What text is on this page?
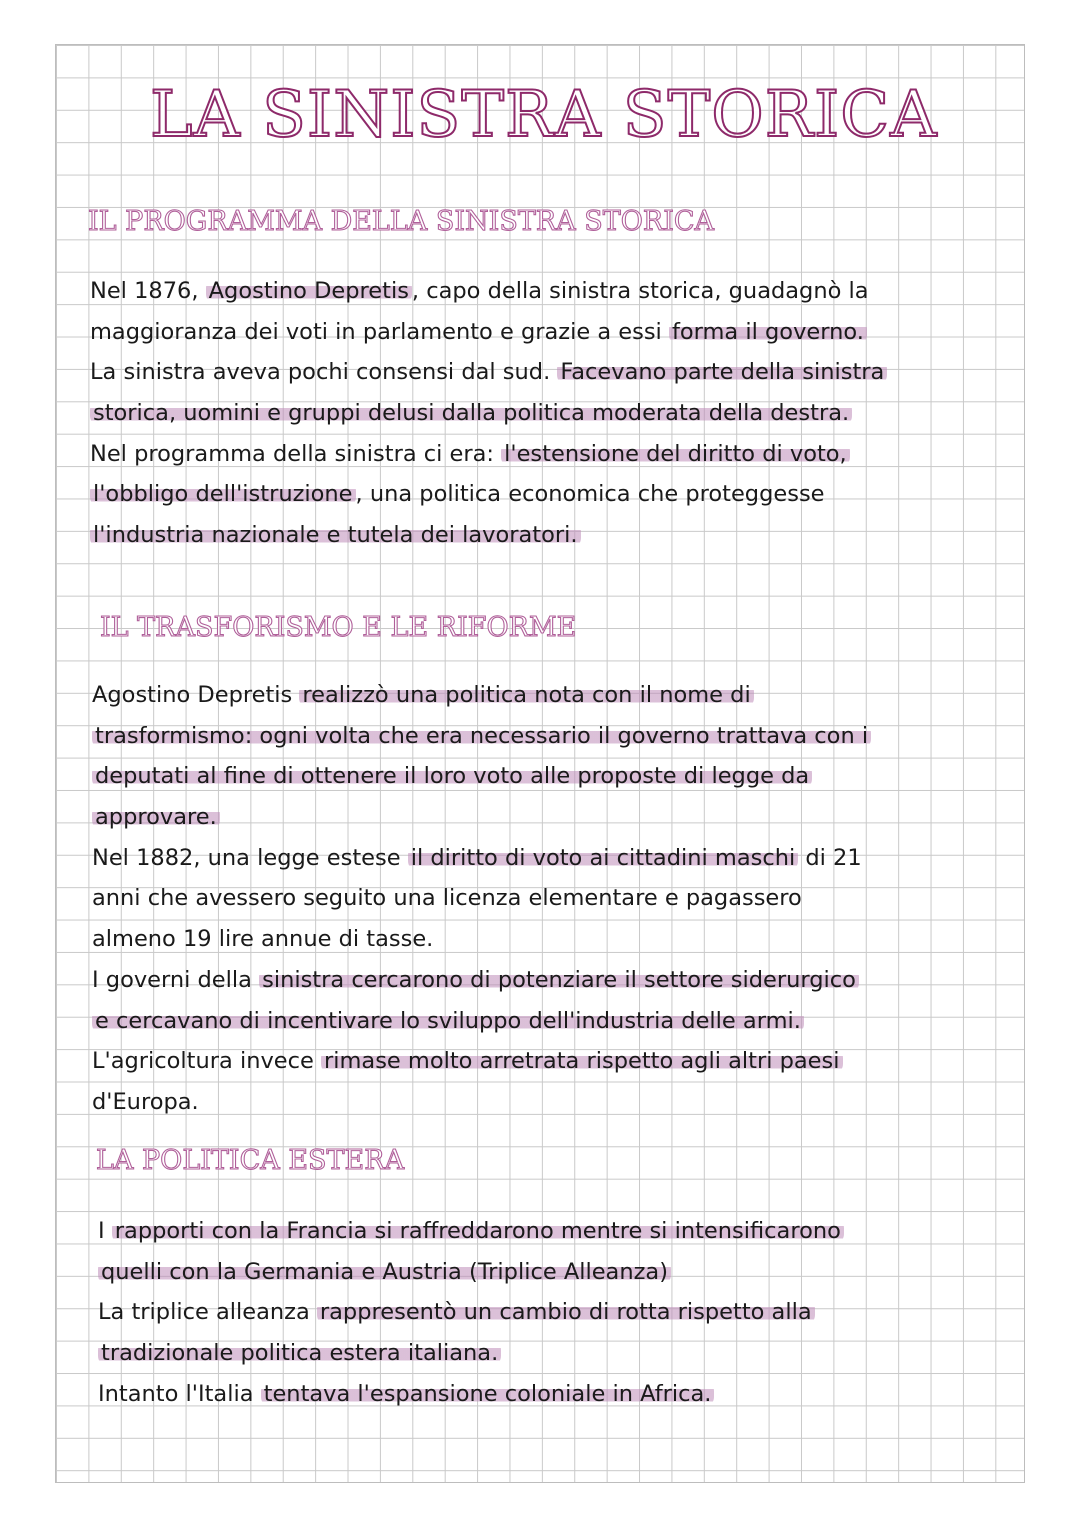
LA SINISTRA STORICA
IL PROGRAMMA DELLA SINISTRA STORICA
Nel 1876, Agostino Depretis , capo della sinistra storica, guadagnò la
maggioranza dei voti in parlamento e grazie a essi forma il governo.
La sinistra aveva pochi consensi dal sud. Facevano parte della sinistra
storica, uomini e gruppi delusi dalla politica moderata della destra.
Nel programma della sinistra ci era: l'estensione del diritto di voto,
l'obbligo dell'istruzione , una politica economica che proteggesse
l'industria nazionale e tutela dei lavoratori.
IL TRASFORISMO E LE RIFORME
Agostino Depretis realizzò una politica nota con il nome di
trasformismo: ogni volta che era necessario il governo trattava con i
deputati al fine di ottenere il loro voto alle proposte di legge da
approvare.
Nel 1882, una legge estese il diritto di voto ai cittadini maschi di 21
anni che avessero seguito una licenza elementare e pagassero
almeno 19 lire annue di tasse.
I governi della sinistra cercarono di potenziare il settore siderurgico
e cercavano di incentivare lo sviluppo dell'industria delle armi.
L'agricoltura invece rimase molto arretrata rispetto agli altri paesi
d'Europa.
LA POLITICA ESTERA
I rapporti con la Francia si raffreddarono mentre si intensificarono
quelli con la Germania e Austria (Triplice Alleanza)
La triplice alleanza rappresentò un cambio di rotta rispetto alla
tradizionale politica estera italiana.
Intanto l'Italia tentava l'espansione coloniale in Africa.
